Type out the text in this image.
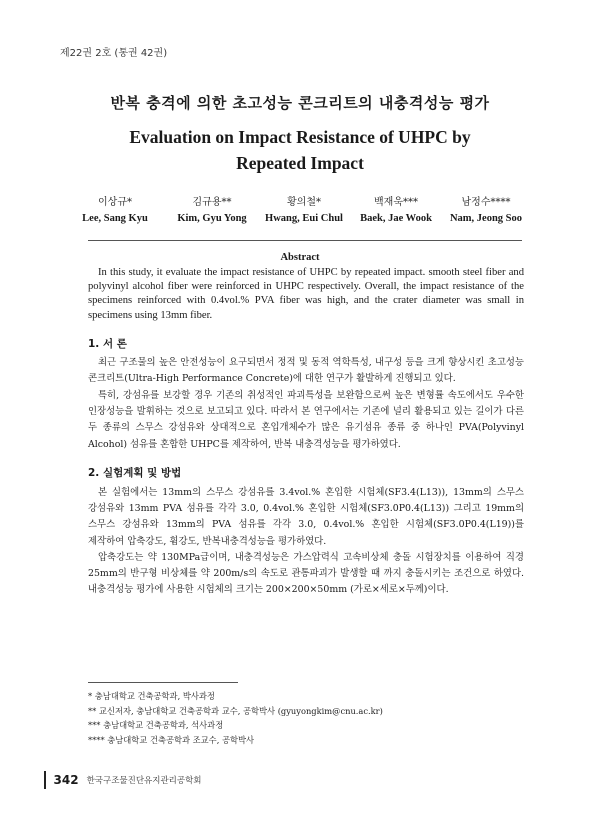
제22권 2호 (통권 42권)
반복 충격에 의한 초고성능 콘크리트의 내충격성능 평가
Evaluation on Impact Resistance of UHPC by Repeated Impact
이상규*
Lee, Sang Kyu
김규용**
Kim, Gyu Yong
황의철*
Hwang, Eui Chul
백재욱***
Baek, Jae Wook
남정수****
Nam, Jeong Soo
Abstract
In this study, it evaluate the impact resistance of UHPC by repeated impact. smooth steel fiber and polyvinyl alcohol fiber were reinforced in UHPC respectively. Overall, the impact resistance of the specimens reinforced with 0.4vol.% PVA fiber was high, and the crater diameter was small in specimens using 13mm fiber.
1. 서 론
최근 구조물의 높은 안전성능이 요구되면서 정적 및 동적 역학특성, 내구성 등을 크게 향상시킨 초고성능 콘크리트(Ultra-High Performance Concrete)에 대한 연구가 활발하게 진행되고 있다.
특히, 강섬유를 보강할 경우 기존의 취성적인 파괴특성을 보완함으로써 높은 변형률 속도에서도 우수한 인장성능을 발휘하는 것으로 보고되고 있다. 따라서 본 연구에서는 기존에 널리 활용되고 있는 길이가 다른 두 종류의 스무스 강섬유와 상대적으로 혼입개체수가 많은 유기섬유 종류 중 하나인 PVA(Polyvinyl Alcohol) 섬유를 혼합한 UHPC를 제작하여, 반복 내충격성능을 평가하였다.
2. 실험계획 및 방법
본 실험에서는 13mm의 스무스 강섬유를 3.4vol.% 혼입한 시험체(SF3.4(L13)), 13mm의 스무스 강섬유와 13mm PVA 섬유를 각각 3.0, 0.4vol.% 혼입한 시험체(SF3.0P0.4(L13)) 그리고 19mm의 스무스 강섬유와 13mm의 PVA 섬유를 각각 3.0, 0.4vol.% 혼입한 시험체(SF3.0P0.4(L19))를 제작하여 압축강도, 휨강도, 반복내충격성능을 평가하였다.
압축강도는 약 130MPa급이며, 내충격성능은 가스압력식 고속비상체 충돌 시험장치를 이용하여 직경 25mm의 반구형 비상체를 약 200m/s의 속도로 관통파괴가 발생할 때 까지 충돌시키는 조건으로 하였다. 내충격성능 평가에 사용한 시험체의 크기는 200×200×50mm (가로×세로×두께)이다.
* 충남대학교 건축공학과, 박사과정
** 교신저자, 충남대학교 건축공학과 교수, 공학박사 (gyuyongkim@cnu.ac.kr)
*** 충남대학교 건축공학과, 석사과정
**** 충남대학교 건축공학과 조교수, 공학박사
342 한국구조물진단유지관리공학회
